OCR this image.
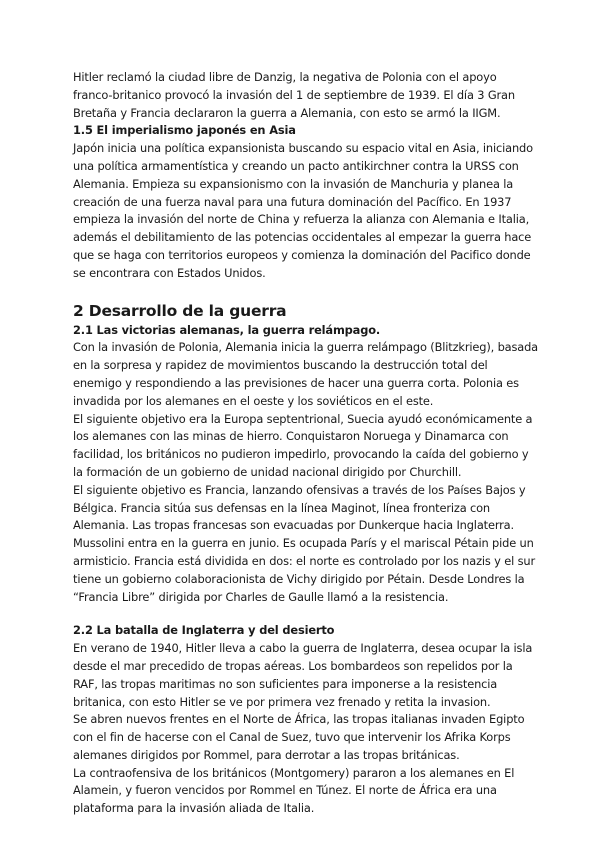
Hitler reclamó la ciudad libre de Danzig, la negativa de Polonia con el apoyo franco-britanico provocó la invasión del 1 de septiembre de 1939. El día 3 Gran Bretaña y Francia declararon la guerra a Alemania, con esto se armó la IIGM.

1.5 El imperialismo japonés en Asia

Japón inicia una política expansionista buscando su espacio vital en Asia, iniciando una política armamentística y creando un pacto antikirchner contra la URSS con Alemania. Empieza su expansionismo con la invasión de Manchuria y planea la creación de una fuerza naval para una futura dominación del Pacífico. En 1937 empieza la invasión del norte de China y refuerza la alianza con Alemania e Italia, además el debilitamiento de las potencias occidentales al empezar la guerra hace que se haga con territorios europeos y comienza la dominación del Pacifico donde se encontrara con Estados Unidos.

2 Desarrollo de la guerra
2.1 Las victorias alemanas, la guerra relámpago.

Con la invasión de Polonia, Alemania inicia la guerra relámpago (Blitzkrieg), basada en la sorpresa y rapidez de movimientos buscando la destrucción total del enemigo y respondiendo a las previsiones de hacer una guerra corta. Polonia es invadida por los alemanes en el oeste y los soviéticos en el este.

El siguiente objetivo era la Europa septentrional, Suecia ayudó económicamente a los alemanes con las minas de hierro. Conquistaron Noruega y Dinamarca con facilidad, los británicos no pudieron impedirlo, provocando la caída del gobierno y la formación de un gobierno de unidad nacional dirigido por Churchill.

El siguiente objetivo es Francia, lanzando ofensivas a través de los Países Bajos y Bélgica. Francia sitúa sus defensas en la línea Maginot, línea fronteriza con Alemania. Las tropas francesas son evacuadas por Dunkerque hacia Inglaterra. Mussolini entra en la guerra en junio. Es ocupada París y el mariscal Pétain pide un armisticio. Francia está dividida en dos: el norte es controlado por los nazis y el sur tiene un gobierno colaboracionista de Vichy dirigido por Pétain. Desde Londres la “Francia Libre” dirigida por Charles de Gaulle llamó a la resistencia.

2.2 La batalla de Inglaterra y del desierto

En verano de 1940, Hitler lleva a cabo la guerra de Inglaterra, desea ocupar la isla desde el mar precedido de tropas aéreas. Los bombardeos son repelidos por la RAF, las tropas maritimas no son suficientes para imponerse a la resistencia britanica, con esto Hitler se ve por primera vez frenado y retita la invasion.

Se abren nuevos frentes en el Norte de África, las tropas italianas invaden Egipto con el fin de hacerse con el Canal de Suez, tuvo que intervenir los Afrika Korps alemanes dirigidos por Rommel, para derrotar a las tropas británicas.

La contraofensiva de los británicos (Montgomery) pararon a los alemanes en El Alamein, y fueron vencidos por Rommel en Túnez. El norte de África era una plataforma para la invasión aliada de Italia.
